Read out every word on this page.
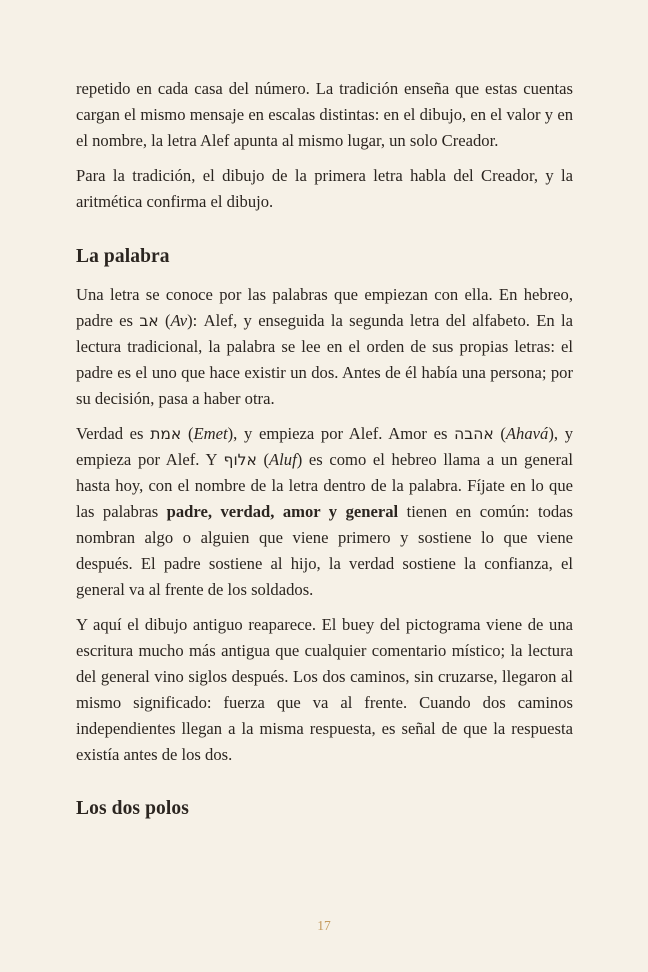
repetido en cada casa del número. La tradición enseña que estas cuentas cargan el mismo mensaje en escalas distintas: en el dibujo, en el valor y en el nombre, la letra Alef apunta al mismo lugar, un solo Creador.

Para la tradición, el dibujo de la primera letra habla del Creador, y la aritmética confirma el dibujo.

La palabra

Una letra se conoce por las palabras que empiezan con ella. En hebreo, padre es אב (Av): Alef, y enseguida la segunda letra del alfabeto. En la lectura tradicional, la palabra se lee en el orden de sus propias letras: el padre es el uno que hace existir un dos. Antes de él había una persona; por su decisión, pasa a haber otra.

Verdad es אמת (Emet), y empieza por Alef. Amor es אהבה (Ahavá), y empieza por Alef. Y אלוף (Aluf) es como el hebreo llama a un general hasta hoy, con el nombre de la letra dentro de la palabra. Fíjate en lo que las palabras padre, verdad, amor y general tienen en común: todas nombran algo o alguien que viene primero y sostiene lo que viene después. El padre sostiene al hijo, la verdad sostiene la confianza, el general va al frente de los soldados.

Y aquí el dibujo antiguo reaparece. El buey del pictograma viene de una escritura mucho más antigua que cualquier comentario místico; la lectura del general vino siglos después. Los dos caminos, sin cruzarse, llegaron al mismo significado: fuerza que va al frente. Cuando dos caminos independientes llegan a la misma respuesta, es señal de que la respuesta existía antes de los dos.

Los dos polos
17
